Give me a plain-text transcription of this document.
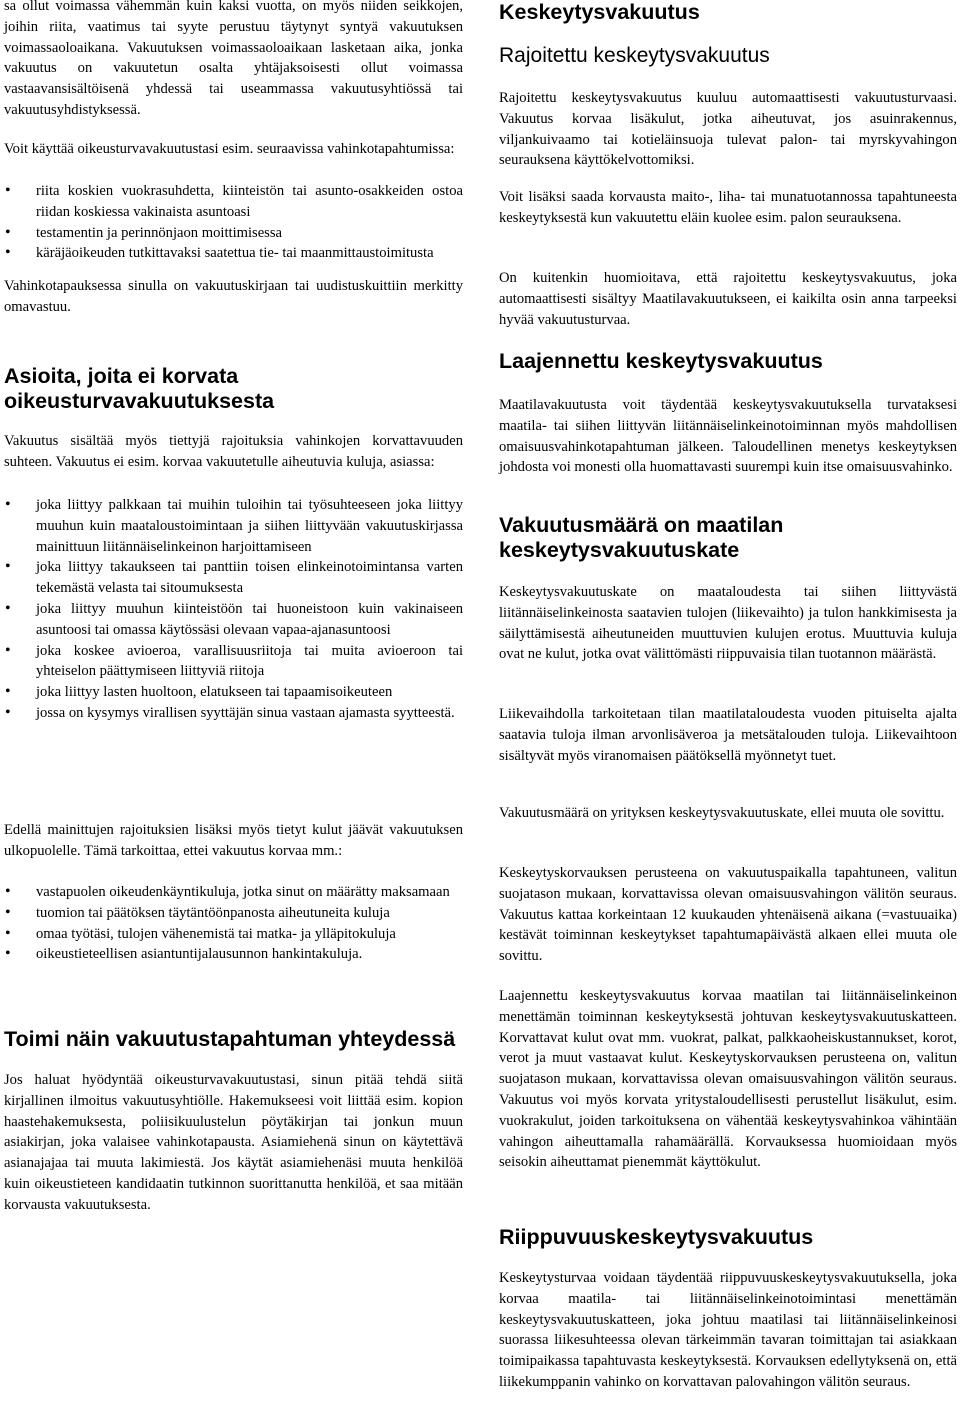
sa ollut voimassa vähemmän kuin kaksi vuotta, on myös niiden seikkojen, joihin riita, vaatimus tai syyte perustuu täytynyt syntyä vakuutuksen voimassaoloaikana. Vakuutuksen voimassaoloaikaan lasketaan aika, jonka vakuutus on vakuutetun osalta yhtäjaksoisesti ollut voimassa vastaavansisältöisenä yhdessä tai useammassa vakuutusyhtiössä tai vakuutusyhdistyksessä.

Voit käyttää oikeusturvavakuutustasi esim. seuraavissa vahinkotapahtumissa:

• riita koskien vuokrasuhdetta, kiinteistön tai asunto-osakkeiden ostoa riidan koskiessa vakinaista asuntoasi
• testamentin ja perinnönjaon moittimisessa
• käräjäoikeuden tutkittavaksi saatettua tie- tai maanmittaustoimitusta

Vahinkotapauksessa sinulla on vakuutuskirjaan tai uudistuskuittiin merkitty omavastuu.

Asioita, joita ei korvata oikeusturvavakuutuksesta

Vakuutus sisältää myös tiettyjä rajoituksia vahinkojen korvattavuuden suhteen. Vakuutus ei esim. korvaa vakuutetulle aiheutuvia kuluja, asiassa:

• joka liittyy palkkaan tai muihin tuloihin tai työsuhteeseen joka liittyy muuhun kuin maataloustoimintaan ja siihen liittyvään vakuutuskirjassa mainittuun liitännäiselinkeinon harjoittamiseen
• joka liittyy takaukseen tai panttiin toisen elinkeinotoimintansa varten tekemästä velasta tai sitoumuksesta
• joka liittyy muuhun kiinteistöön tai huoneistoon kuin vakinaiseen asuntoosi tai omassa käytössäsi olevaan vapaa-ajanasuntoosi
• joka koskee avioeroa, varallisuusriitoja tai muita avioeroon tai yhteiselon päättymiseen liittyviä riitoja
• joka liittyy lasten huoltoon, elatukseen tai tapaamisoikeuteen
• jossa on kysymys virallisen syyttäjän sinua vastaan ajamasta syytteestä.

Edellä mainittujen rajoituksien lisäksi myös tietyt kulut jäävät vakuutuksen ulkopuolelle. Tämä tarkoittaa, ettei vakuutus korvaa mm.:

• vastapuolen oikeudenkäyntikuluja, jotka sinut on määrätty maksamaan
• tuomion tai päätöksen täytäntöönpanosta aiheutuneita kuluja
• omaa työtäsi, tulojen vähenemistä tai matka- ja ylläpitokuluja
• oikeustieteellisen asiantuntijalausunnon hankintakuluja.
Toimi näin vakuutustapahtuman yhteydessä

Jos haluat hyödyntää oikeusturvavakuutustasi, sinun pitää tehdä siitä kirjallinen ilmoitus vakuutusyhtiölle. Hakemukseesi voit liittää esim. kopion haastehakemuksesta, poliisikuulustelun pöytäkirjan tai jonkun muun asiakirjan, joka valaisee vahinkotapausta. Asiamiehenä sinun on käytettävä asianajajaa tai muuta lakimiestä. Jos käytät asiamiehenäsi muuta henkilöä kuin oikeustieteen kandidaatin tutkinnon suorittanutta henkilöä, et saa mitään korvausta vakuutuksesta.

Keskeytysvakuutus
Rajoitettu keskeytysvakuutus

Rajoitettu keskeytysvakuutus kuuluu automaattisesti vakuutusturvaasi. Vakuutus korvaa lisäkulut, jotka aiheutuvat, jos asuinrakennus, viljankuivaamo tai kotieläinsuoja tulevat palon- tai myrskyvahingon seurauksena käyttökelvottomiksi.

Voit lisäksi saada korvausta maito-, liha- tai munatuotannossa tapahtuneesta keskeytyksestä kun vakuutettu eläin kuolee esim. palon seurauksena.

On kuitenkin huomioitava, että rajoitettu keskeytysvakuutus, joka automaattisesti sisältyy Maatilavakuutukseen, ei kaikilta osin anna tarpeeksi hyvää vakuutusturvaa.

Laajennettu keskeytysvakuutus

Maatilavakuutusta voit täydentää keskeytysvakuutuksella turvataksesi maatila- tai siihen liittyvän liitännäiselinkeinotoiminnan myös mahdollisen omaisuusvahinkotapahtuman jälkeen. Taloudellinen menetys keskeytyksen johdosta voi monesti olla huomattavasti suurempi kuin itse omaisuusvahinko.

Vakuutusmäärä on maatilan keskeytysvakuutuskate

Keskeytysvakuutuskate on maataloudesta tai siihen liittyvästä liitännäiselinkeinosta saatavien tulojen (liikevaihto) ja tulon hankkimisesta ja säilyttämisestä aiheutuneiden muuttuvien kulujen erotus. Muuttuvia kuluja ovat ne kulut, jotka ovat välittömästi riippuvaisia tilan tuotannon määrästä.

Liikevaihdolla tarkoitetaan tilan maatilataloudesta vuoden pituiselta ajalta saatavia tuloja ilman arvonlisäveroa ja metsätalouden tuloja. Liikevaihtoon sisältyvät myös viranomaisen päätöksellä myönnetyt tuet.

Vakuutusmäärä on yrityksen keskeytysvakuutuskate, ellei muuta ole sovittu.

Keskeytyskorvauksen perusteena on vakuutuspaikalla tapahtuneen, valitun suojatason mukaan, korvattavissa olevan omaisuusvahingon välitön seuraus. Vakuutus kattaa korkeintaan 12 kuukauden yhtenäisenä aikana (=vastuuaika) kestävät toiminnan keskeytykset tapahtumapäivästä alkaen ellei muuta ole sovittu.

Laajennettu keskeytysvakuutus korvaa maatilan tai liitännäiselinkeinon menettämän toiminnan keskeytyksestä johtuvan keskeytysvakuutuskatteen. Korvattavat kulut ovat mm. vuokrat, palkat, palkkaoheiskustannukset, korot, verot ja muut vastaavat kulut. Keskeytyskorvauksen perusteena on, valitun suojatason mukaan, korvattavissa olevan omaisuusvahingon välitön seuraus. Vakuutus voi myös korvata yritystaloudellisesti perustellut lisäkulut, esim. vuokrakulut, joiden tarkoituksena on vähentää keskeytysvahinkoa vähintään vahingon aiheuttamalla rahamäärällä. Korvauksessa huomioidaan myös seisokin aiheuttamat pienemmät käyttökulut.

Riippuvuuskeskeytysvakuutus

Keskeytysturvaa voidaan täydentää riippuvuuskeskeytysvakuutuksella, joka korvaa maatila- tai liitännäiselinkeinotoimintasi menettämän keskeytysvakuutuskatteen, joka johtuu maatilasi tai liitännäiselinkeinosi suorassa liikesuhteessa olevan tärkeimmän tavaran toimittajan tai asiakkaan toimipaikassa tapahtuvasta keskeytyksestä. Korvauksen edellytyksenä on, että liikekumppanin vahinko on korvattavan palovahingon välitön seuraus.
